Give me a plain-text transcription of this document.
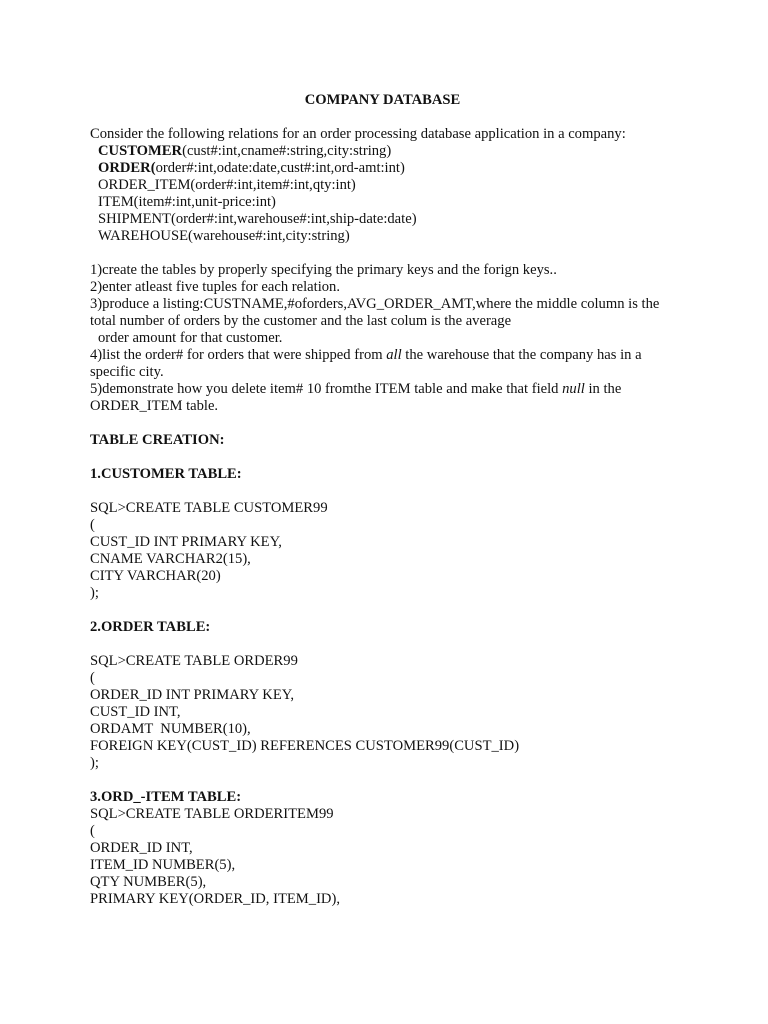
COMPANY DATABASE
Consider the following relations for an order processing database application in a company:
CUSTOMER(cust#:int,cname#:string,city:string)
ORDER(order#:int,odate:date,cust#:int,ord-amt:int)
ORDER_ITEM(order#:int,item#:int,qty:int)
ITEM(item#:int,unit-price:int)
SHIPMENT(order#:int,warehouse#:int,ship-date:date)
WAREHOUSE(warehouse#:int,city:string)
1)create the tables by properly specifying the primary keys and the forign keys..
2)enter atleast five tuples for each relation.
3)produce a listing:CUSTNAME,#oforders,AVG_ORDER_AMT,where the middle column is the
total number of orders by the customer and the last colum is the average
order amount for that customer.
4)list the order# for orders that were shipped from all the warehouse that the company has in a
specific city.
5)demonstrate how you delete item# 10 fromthe ITEM table and make that field null in the
ORDER_ITEM table.
TABLE CREATION:
1.CUSTOMER TABLE:
SQL>CREATE TABLE CUSTOMER99
(
CUST_ID INT PRIMARY KEY,
CNAME VARCHAR2(15),
CITY VARCHAR(20)
);
2.ORDER TABLE:
SQL>CREATE TABLE ORDER99
(
ORDER_ID INT PRIMARY KEY,
CUST_ID INT,
ORDAMT  NUMBER(10),
FOREIGN KEY(CUST_ID) REFERENCES CUSTOMER99(CUST_ID)
);
3.ORD_-ITEM TABLE:
SQL>CREATE TABLE ORDERITEM99
(
ORDER_ID INT,
ITEM_ID NUMBER(5),
QTY NUMBER(5),
PRIMARY KEY(ORDER_ID, ITEM_ID),
